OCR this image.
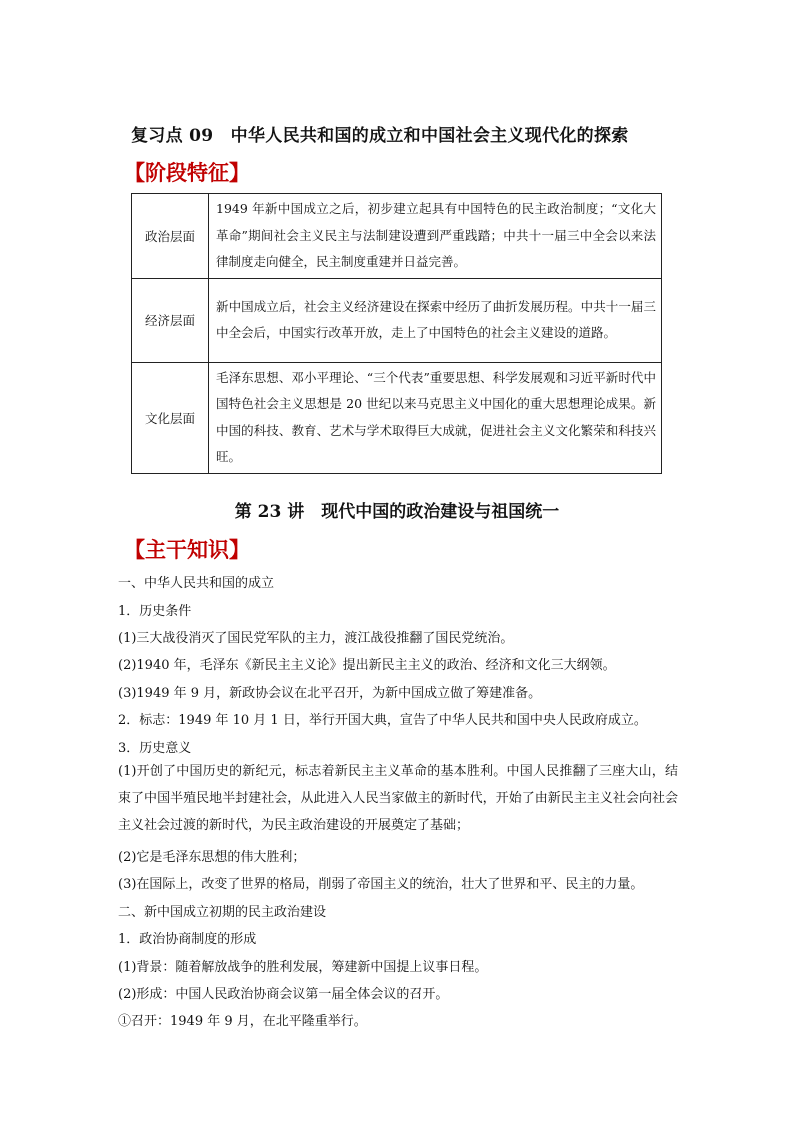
复习点 09　中华人民共和国的成立和中国社会主义现代化的探索
【阶段特征】
政治层面	1949 年新中国成立之后，初步建立起具有中国特色的民主政治制度；“文化大革命”期间社会主义民主与法制建设遭到严重践踏；中共十一届三中全会以来法律制度走向健全，民主制度重建并日益完善。
经济层面	新中国成立后，社会主义经济建设在探索中经历了曲折发展历程。中共十一届三中全会后，中国实行改革开放，走上了中国特色的社会主义建设的道路。
文化层面	毛泽东思想、邓小平理论、“三个代表”重要思想、科学发展观和习近平新时代中国特色社会主义思想是 20 世纪以来马克思主义中国化的重大思想理论成果。新中国的科技、教育、艺术与学术取得巨大成就，促进社会主义文化繁荣和科技兴旺。
第 23 讲　现代中国的政治建设与祖国统一
【主干知识】
一、中华人民共和国的成立
1．历史条件
(1)三大战役消灭了国民党军队的主力，渡江战役推翻了国民党统治。
(2)1940 年，毛泽东《新民主主义论》提出新民主主义的政治、经济和文化三大纲领。
(3)1949 年 9 月，新政协会议在北平召开，为新中国成立做了筹建准备。
2．标志：1949 年 10 月 1 日，举行开国大典，宣告了中华人民共和国中央人民政府成立。
3．历史意义
(1)开创了中国历史的新纪元，标志着新民主主义革命的基本胜利。中国人民推翻了三座大山，结束了中国半殖民地半封建社会，从此进入人民当家做主的新时代，开始了由新民主主义社会向社会主义社会过渡的新时代，为民主政治建设的开展奠定了基础；
(2)它是毛泽东思想的伟大胜利；
(3)在国际上，改变了世界的格局，削弱了帝国主义的统治，壮大了世界和平、民主的力量。
二、新中国成立初期的民主政治建设
1．政治协商制度的形成
(1)背景：随着解放战争的胜利发展，筹建新中国提上议事日程。
(2)形成：中国人民政治协商会议第一届全体会议的召开。
①召开：1949 年 9 月，在北平隆重举行。
